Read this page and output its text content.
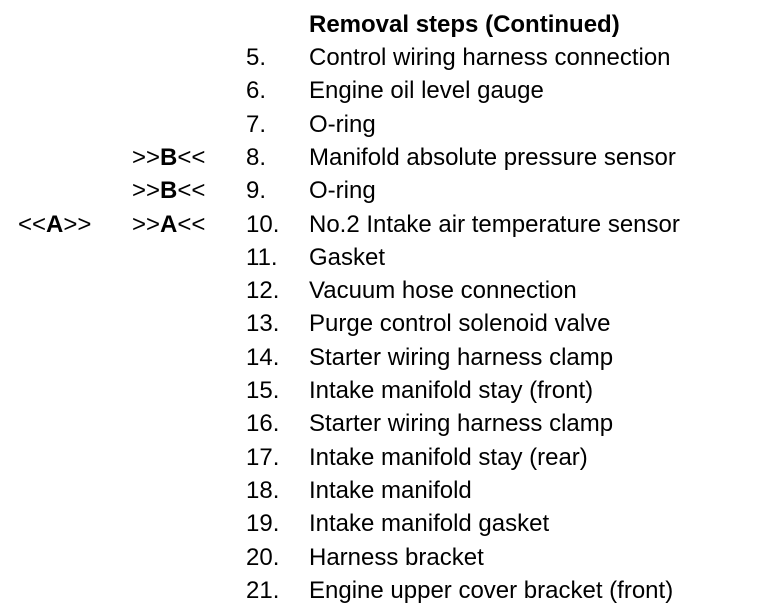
Removal steps (Continued)
5. Control wiring harness connection
6. Engine oil level gauge
7. O-ring
>>B<< 8. Manifold absolute pressure sensor
>>B<< 9. O-ring
<<A>> >>A<< 10. No.2 Intake air temperature sensor
11. Gasket
12. Vacuum hose connection
13. Purge control solenoid valve
14. Starter wiring harness clamp
15. Intake manifold stay (front)
16. Starter wiring harness clamp
17. Intake manifold stay (rear)
18. Intake manifold
19. Intake manifold gasket
20. Harness bracket
21. Engine upper cover bracket (front)
